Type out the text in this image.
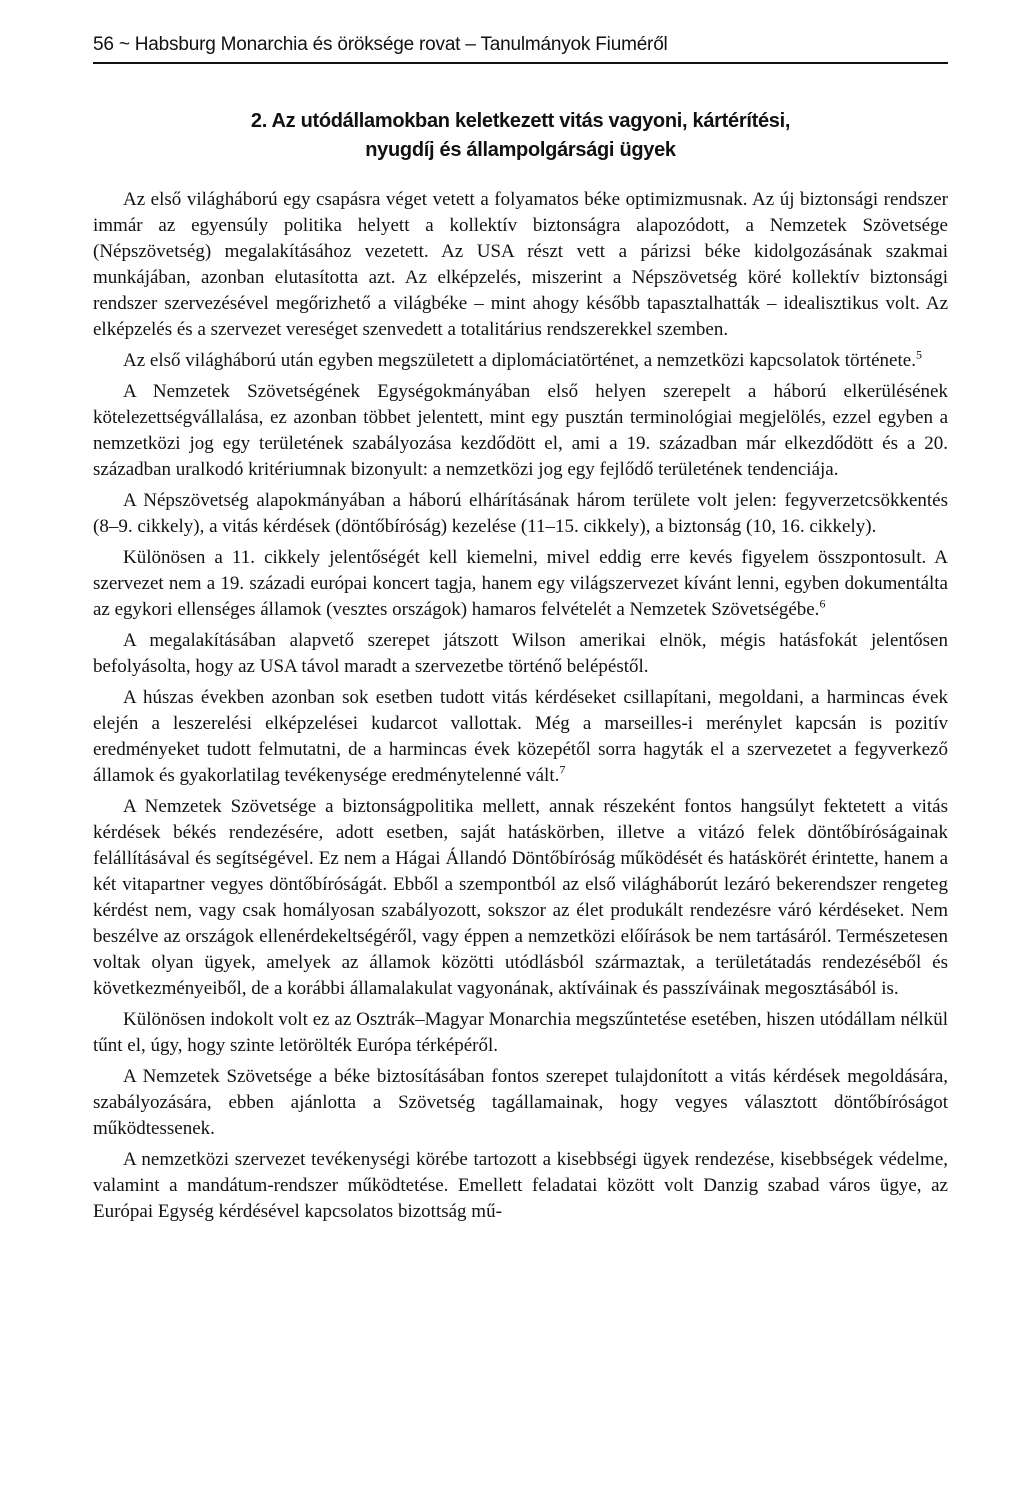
56 ~ Habsburg Monarchia és öröksége rovat – Tanulmányok Fiuméről
2. Az utódállamokban keletkezett vitás vagyoni, kártérítési,
nyugdíj és állampolgársági ügyek

Az első világháború egy csapásra véget vetett a folyamatos béke optimizmusnak. Az új biztonsági rendszer immár az egyensúly politika helyett a kollektív biztonságra alapozódott, a Nemzetek Szövetsége (Népszövetség) megalakításához vezetett. Az USA részt vett a párizsi béke kidolgozásának szakmai munkájában, azonban elutasította azt. Az elképzelés, miszerint a Népszövetség köré kollektív biztonsági rendszer szervezésével megőrizhető a világbéke – mint ahogy később tapasztalhatták – idealisztikus volt. Az elképzelés és a szervezet vereséget szenvedett a totalitárius rendszerekkel szemben.

Az első világháború után egyben megszületett a diplomáciatörténet, a nemzetközi kapcsolatok története.$^5$

A Nemzetek Szövetségének Egységokmányában első helyen szerepelt a háború elkerülésének kötelezettségvállalása, ez azonban többet jelentett, mint egy pusztán terminológiai megjelölés, ezzel egyben a nemzetközi jog egy területének szabályozása kezdődött el, ami a 19. században már elkezdődött és a 20. században uralkodó kritériumnak bizonyult: a nemzetközi jog egy fejlődő területének tendenciája.

A Népszövetség alapokmányában a háború elhárításának három területe volt jelen: fegyverzetcsökkentés (8–9. cikkely), a vitás kérdések (döntőbíróság) kezelése (11–15. cikkely), a biztonság (10, 16. cikkely).

Különösen a 11. cikkely jelentőségét kell kiemelni, mivel eddig erre kevés figyelem összpontosult. A szervezet nem a 19. századi európai koncert tagja, hanem egy világszervezet kívánt lenni, egyben dokumentálta az egykori ellenséges államok (vesztes országok) hamaros felvételét a Nemzetek Szövetségébe.$^6$

A megalakításában alapvető szerepet játszott Wilson amerikai elnök, mégis hatásfokát jelentősen befolyásolta, hogy az USA távol maradt a szervezetbe történő belépéstől.

A húszas években azonban sok esetben tudott vitás kérdéseket csillapítani, megoldani, a harmincas évek elején a leszerelési elképzelései kudarcot vallottak. Még a marseilles-i merénylet kapcsán is pozitív eredményeket tudott felmutatni, de a harmincas évek közepétől sorra hagyták el a szervezetet a fegyverkező államok és gyakorlatilag tevékenysége eredménytelenné vált.$^7$

A Nemzetek Szövetsége a biztonságpolitika mellett, annak részeként fontos hangsúlyt fektetett a vitás kérdések békés rendezésére, adott esetben, saját hatáskörben, illetve a vitázó felek döntőbíróságainak felállításával és segítségével. Ez nem a Hágai Állandó Döntőbíróság működését és hatáskörét érintette, hanem a két vitapartner vegyes döntőbíróságát. Ebből a szempontból az első világháborút lezáró bekerendszer rengeteg kérdést nem, vagy csak homályosan szabályozott, sokszor az élet produkált rendezésre váró kérdéseket. Nem beszélve az országok ellenérdekeltségéről, vagy éppen a nemzetközi előírások be nem tartásáról. Természetesen voltak olyan ügyek, amelyek az államok közötti utódlásból származtak, a területátadás rendezéséből és következményeiből, de a korábbi államalakulat vagyonának, aktíváinak és passzíváinak megosztásából is.

Különösen indokolt volt ez az Osztrák–Magyar Monarchia megszűntetése esetében, hiszen utódállam nélkül tűnt el, úgy, hogy szinte letörölték Európa térképéről.

A Nemzetek Szövetsége a béke biztosításában fontos szerepet tulajdonított a vitás kérdések megoldására, szabályozására, ebben ajánlotta a Szövetség tagállamainak, hogy vegyes választott döntőbíróságot működtessenek.

A nemzetközi szervezet tevékenységi körébe tartozott a kisebbségi ügyek rendezése, kisebbségek védelme, valamint a mandátum-rendszer működtetése. Emellett feladatai között volt Danzig szabad város ügye, az Európai Egység kérdésével kapcsolatos bizottság mű-
